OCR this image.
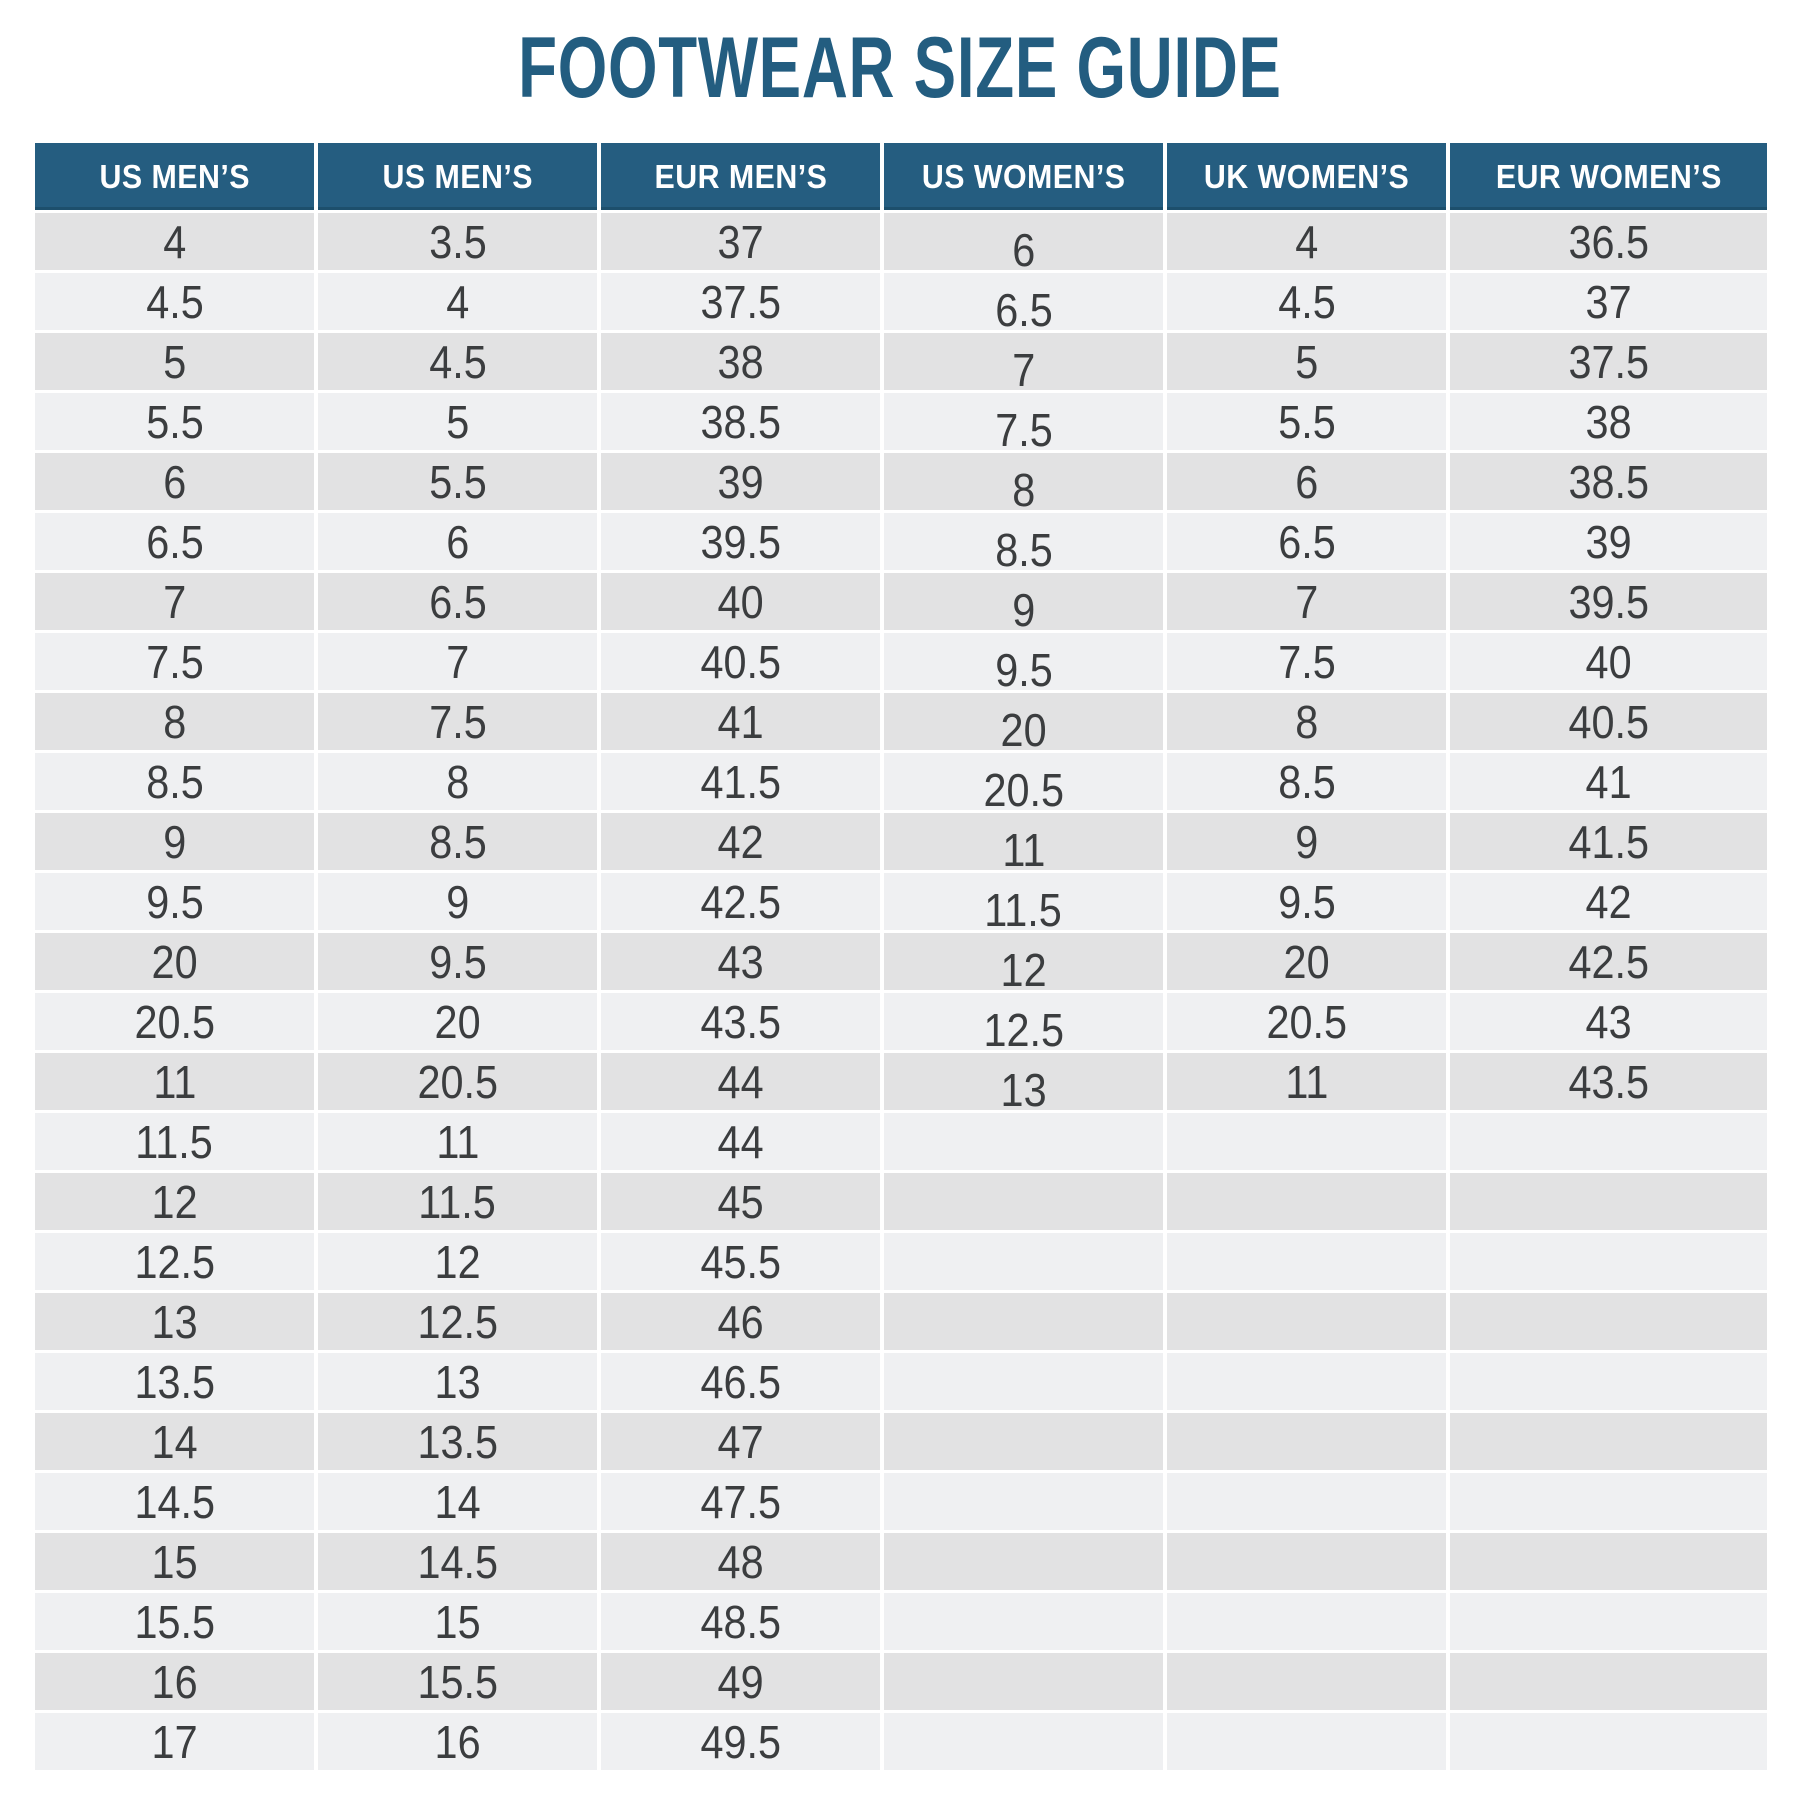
FOOTWEAR SIZE GUIDE
US MEN’S	US MEN’S	EUR MEN’S	US WOMEN’S	UK WOMEN’S	EUR WOMEN’S
4	3.5	37	6	4	36.5
4.5	4	37.5	6.5	4.5	37
5	4.5	38	7	5	37.5
5.5	5	38.5	7.5	5.5	38
6	5.5	39	8	6	38.5
6.5	6	39.5	8.5	6.5	39
7	6.5	40	9	7	39.5
7.5	7	40.5	9.5	7.5	40
8	7.5	41	20	8	40.5
8.5	8	41.5	20.5	8.5	41
9	8.5	42	11	9	41.5
9.5	9	42.5	11.5	9.5	42
20	9.5	43	12	20	42.5
20.5	20	43.5	12.5	20.5	43
11	20.5	44	13	11	43.5
11.5	11	44			
12	11.5	45			
12.5	12	45.5			
13	12.5	46			
13.5	13	46.5			
14	13.5	47			
14.5	14	47.5			
15	14.5	48			
15.5	15	48.5			
16	15.5	49			
17	16	49.5			
